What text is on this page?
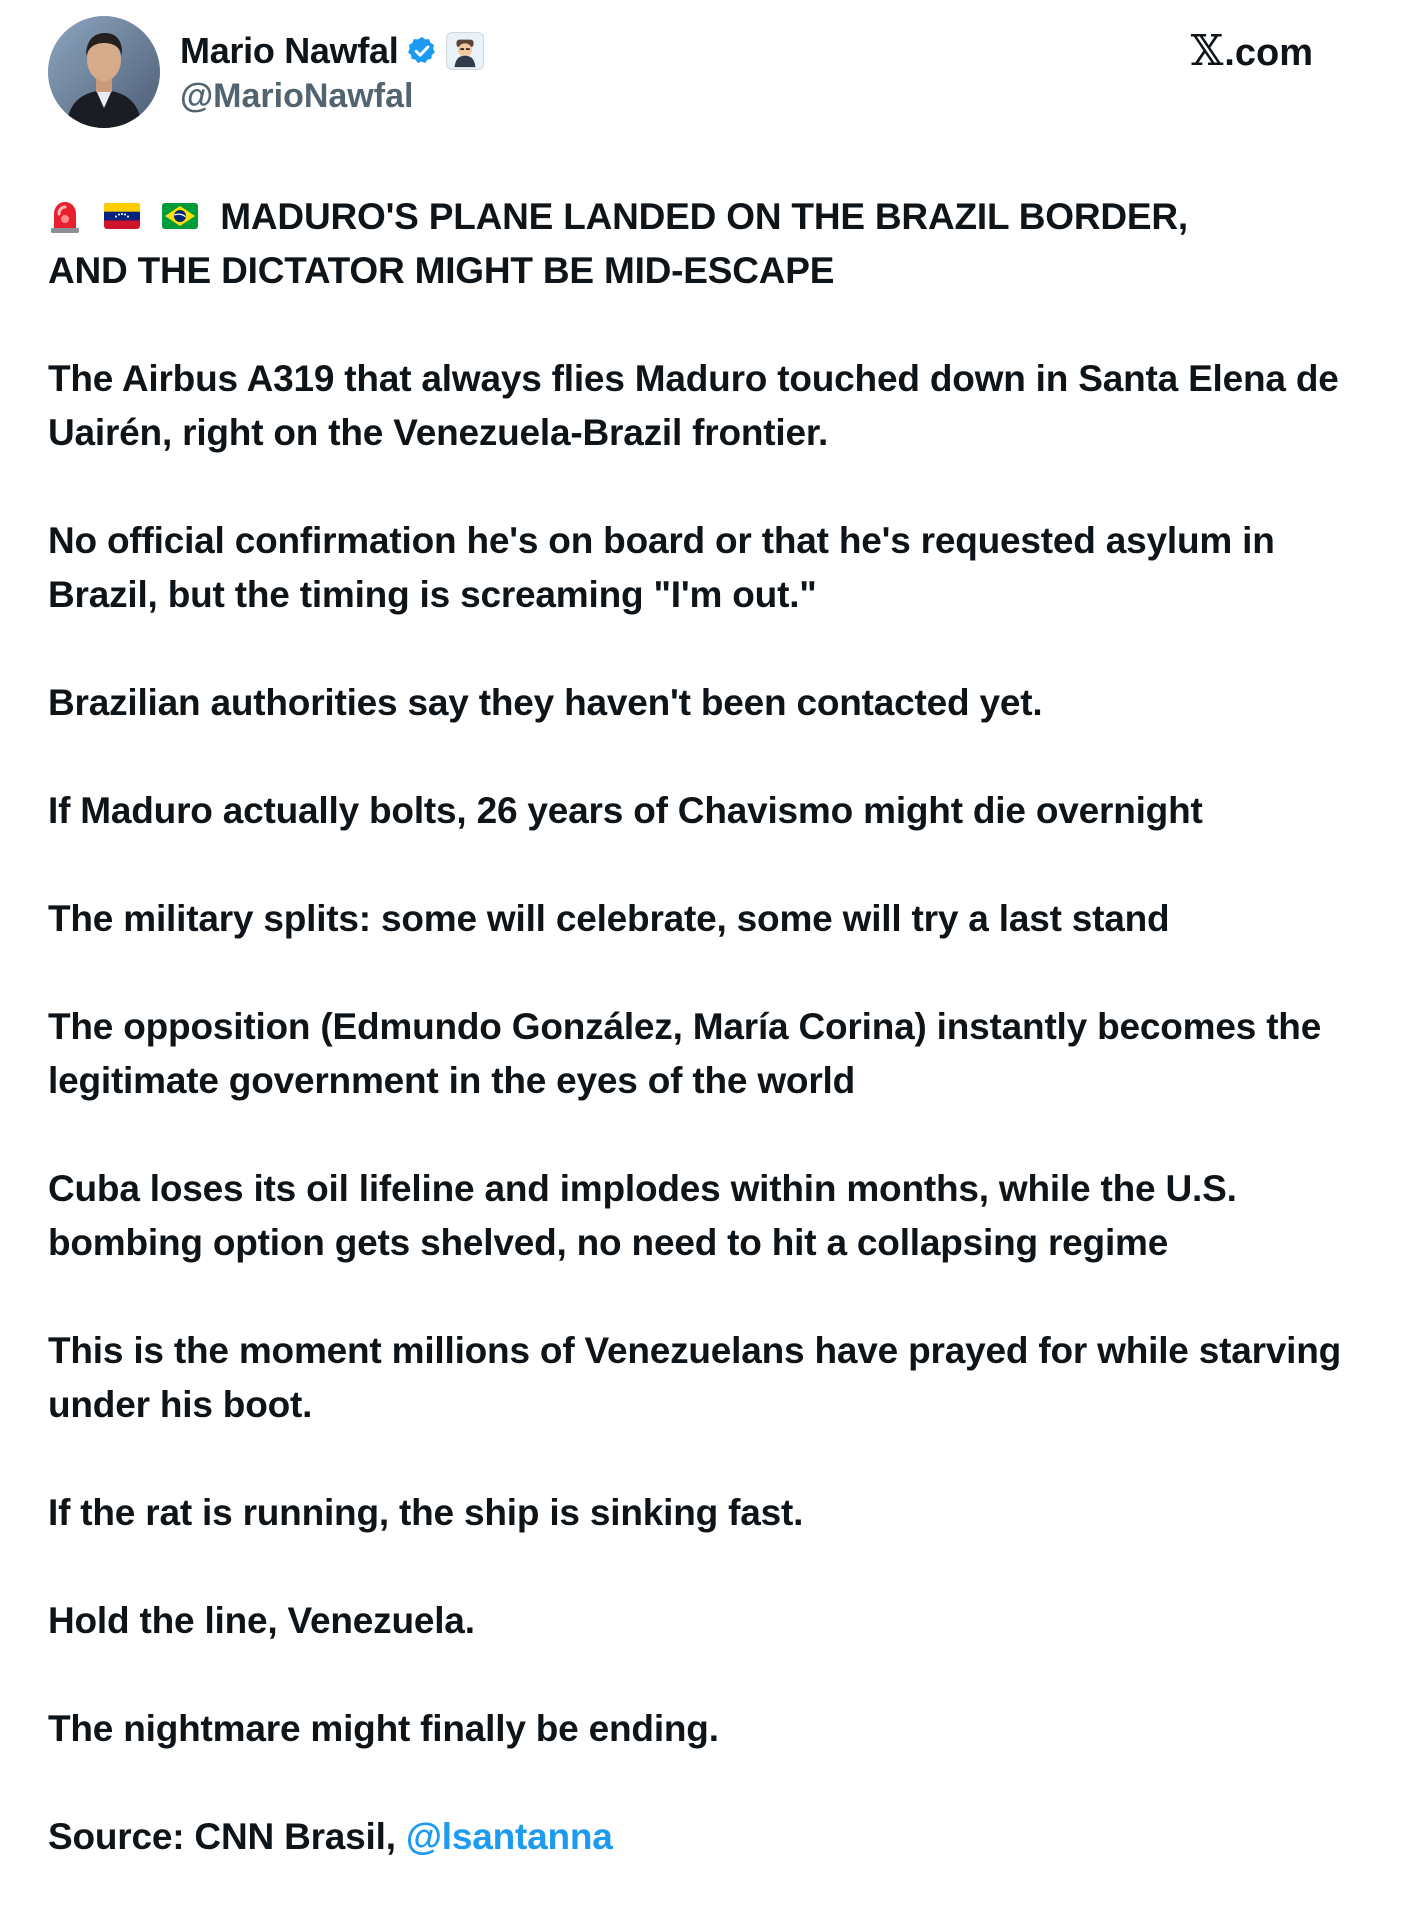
Mario Nawfal
@MarioNawfal
𝕏 .com

MADURO'S PLANE LANDED ON THE BRAZIL BORDER,
AND THE DICTATOR MIGHT BE MID-ESCAPE

The Airbus A319 that always flies Maduro touched down in Santa Elena de Uairén, right on the Venezuela-Brazil frontier.

No official confirmation he's on board or that he's requested asylum in Brazil, but the timing is screaming "I'm out."

Brazilian authorities say they haven't been contacted yet.

If Maduro actually bolts, 26 years of Chavismo might die overnight

The military splits: some will celebrate, some will try a last stand

The opposition (Edmundo González, María Corina) instantly becomes the legitimate government in the eyes of the world

Cuba loses its oil lifeline and implodes within months, while the U.S. bombing option gets shelved, no need to hit a collapsing regime

This is the moment millions of Venezuelans have prayed for while starving under his boot.

If the rat is running, the ship is sinking fast.

Hold the line, Venezuela.

The nightmare might finally be ending.

Source: CNN Brasil, @lsantanna
